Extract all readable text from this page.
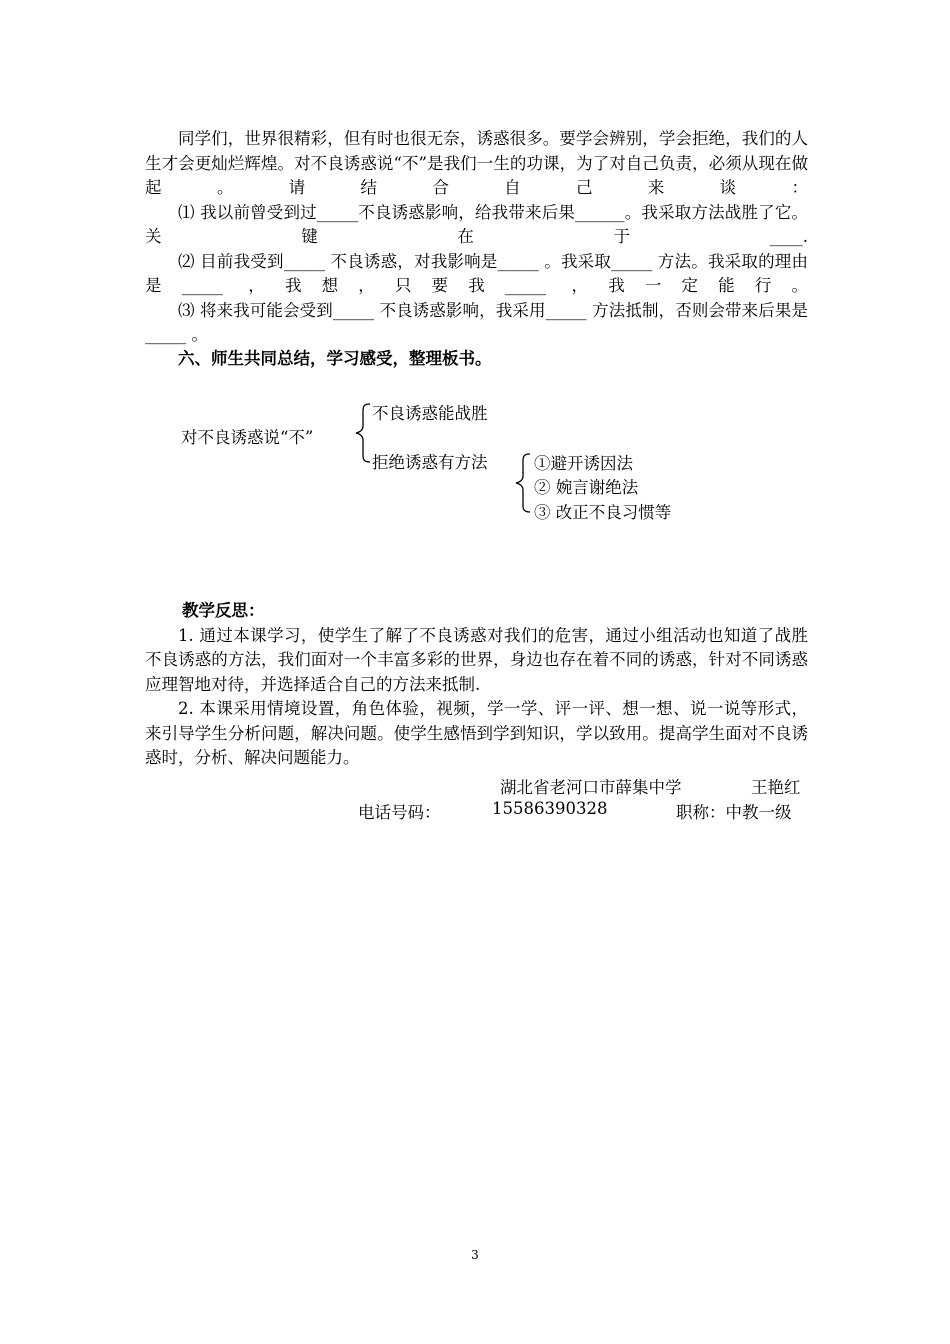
同学们，世界很精彩，但有时也很无奈，诱惑很多。要学会辨别，学会拒绝，我们的人生才会更灿烂辉煌。对不良诱惑说“不”是我们一生的功课，为了对自己负责，必须从现在做起。请结合自己来谈：

⑴ 我以前曾受到过_____不良诱惑影响，给我带来后果______。我采取方法战胜了它。关键在于____.

⑵ 目前我受到_____ 不良诱惑，对我影响是_____ 。我采取_____ 方法。我采取的理由是_____ ，我想，只要我_____ ，我一定能行。

⑶ 将来我可能会受到_____ 不良诱惑影响，我采用_____ 方法抵制，否则会带来后果是_____ 。

六、师生共同总结，学习感受，整理板书。

对不良诱惑说“不”
不良诱惑能战胜
拒绝诱惑有方法	①避开诱因法
② 婉言谢绝法
③ 改正不良习惯等

教学反思：

1. 通过本课学习，使学生了解了不良诱惑对我们的危害，通过小组活动也知道了战胜不良诱惑的方法，我们面对一个丰富多彩的世界，身边也存在着不同的诱惑，针对不同诱惑应理智地对待，并选择适合自己的方法来抵制.

2. 本课采用情境设置，角色体验，视频，学一学、评一评、想一想、说一说等形式，来引导学生分析问题，解决问题。使学生感悟到学到知识，学以致用。提高学生面对不良诱惑时，分析、解决问题能力。

湖北省老河口市薛集中学	王艳红
电话号码：	15586390328	职称：中教一级
3
